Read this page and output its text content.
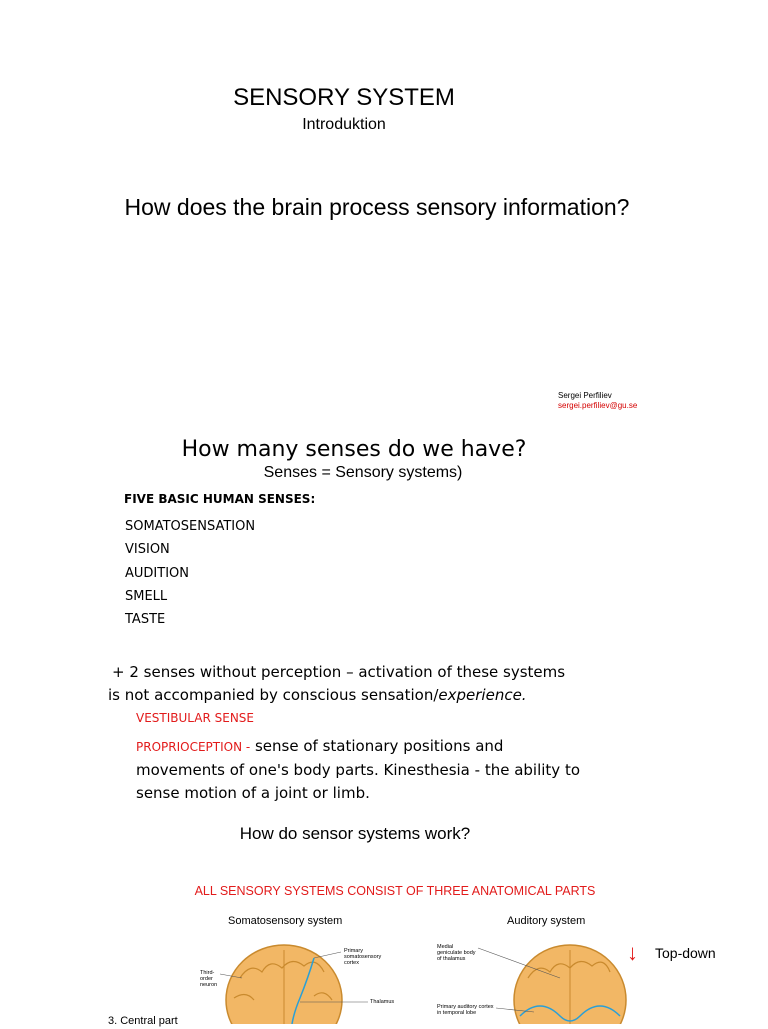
SENSORY SYSTEM
Introduktion
How does the brain process sensory information?
Sergei Perfiliev
sergei.perfiliev@gu.se
How many senses do we have?
Senses = Sensory systems)
FIVE BASIC HUMAN SENSES:
SOMATOSENSATION
VISION
AUDITION
SMELL
TASTE
+ 2 senses without perception – activation of these systems
is not accompanied by conscious sensation/experience.
VESTIBULAR SENSE
PROPRIOCEPTION - sense of stationary positions and movements of one's body parts. Kinesthesia - the ability to sense motion of a joint or limb.
How do sensor systems work?
ALL SENSORY SYSTEMS CONSIST OF THREE ANATOMICAL PARTS
Somatosensory system	Auditory system
↓ Top-down
3. Central part
Primary somatosensory cortex
Third-order neuron
Thalamus
Medial geniculate body of thalamus
Primary auditory cortex in temporal lobe
